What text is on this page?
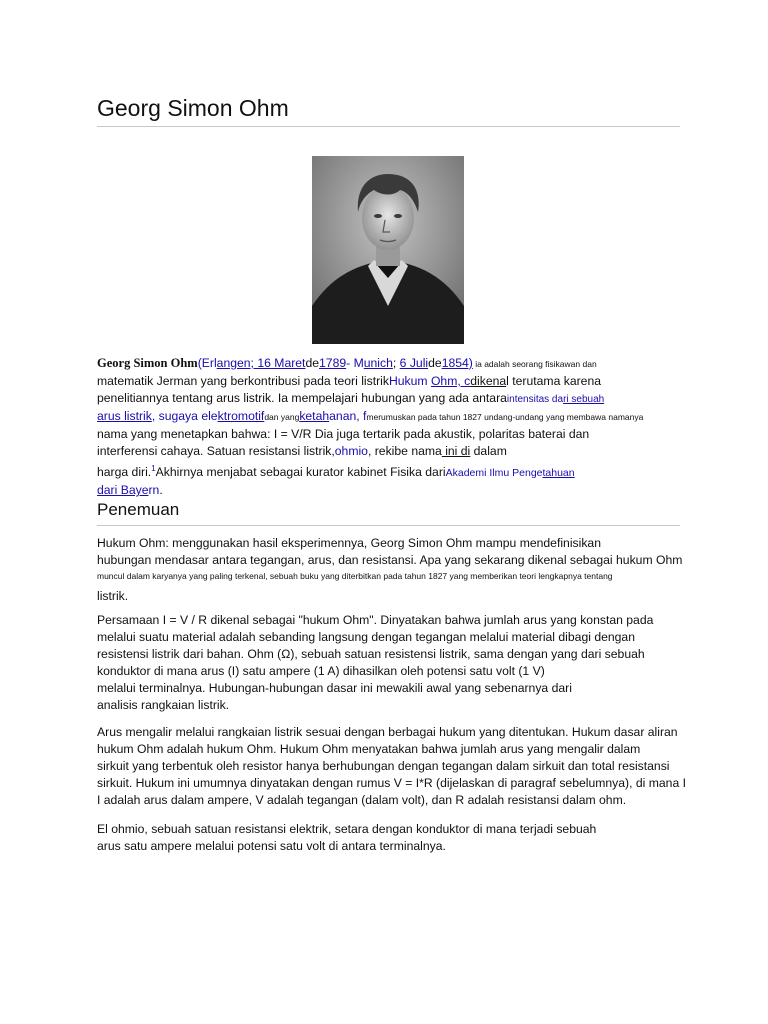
Georg Simon Ohm

Georg Simon Ohm(Erlangen; 16 Maretde1789- Munich; 6 Julide1854) ia adalah seorang fisikawan dan

matematik Jerman yang berkontribusi pada teori listrikHukum Ohm, cdikenal terutama karena

penelitiannya tentang arus listrik. Ia mempelajari hubungan yang ada antaraintensitas dari sebuah

arus listrik, sugaya elektromotifdan yangketahanan, fmerumuskan pada tahun 1827 undang-undang yang membawa namanya

nama yang menetapkan bahwa: I = V/R Dia juga tertarik pada akustik, polaritas baterai dan

interferensi cahaya. Satuan resistansi listrik,ohmio, rekibe nama ini di dalam

harga diri.$^1$Akhirnya menjabat sebagai kurator kabinet Fisika dariAkademi Ilmu Pengetahuan

dari Bayern.

Penemuan

Hukum Ohm: menggunakan hasil eksperimennya, Georg Simon Ohm mampu mendefinisikan

hubungan mendasar antara tegangan, arus, dan resistansi. Apa yang sekarang dikenal sebagai hukum Ohm

muncul dalam karyanya yang paling terkenal, sebuah buku yang diterbitkan pada tahun 1827 yang memberikan teori lengkapnya tentang

listrik.

Persamaan I = V / R dikenal sebagai "hukum Ohm". Dinyatakan bahwa jumlah arus yang konstan pada

melalui suatu material adalah sebanding langsung dengan tegangan melalui material dibagi dengan

resistensi listrik dari bahan. Ohm (Ω), sebuah satuan resistensi listrik, sama dengan yang dari sebuah

konduktor di mana arus (I) satu ampere (1 A) dihasilkan oleh potensi satu volt (1 V)

melalui terminalnya. Hubungan-hubungan dasar ini mewakili awal yang sebenarnya dari

analisis rangkaian listrik.

Arus mengalir melalui rangkaian listrik sesuai dengan berbagai hukum yang ditentukan. Hukum dasar aliran

hukum Ohm adalah hukum Ohm. Hukum Ohm menyatakan bahwa jumlah arus yang mengalir dalam

sirkuit yang terbentuk oleh resistor hanya berhubungan dengan tegangan dalam sirkuit dan total resistansi

sirkuit. Hukum ini umumnya dinyatakan dengan rumus V = I*R (dijelaskan di paragraf sebelumnya), di mana I

I adalah arus dalam ampere, V adalah tegangan (dalam volt), dan R adalah resistansi dalam ohm.

El ohmio, sebuah satuan resistansi elektrik, setara dengan konduktor di mana terjadi sebuah

arus satu ampere melalui potensi satu volt di antara terminalnya.
